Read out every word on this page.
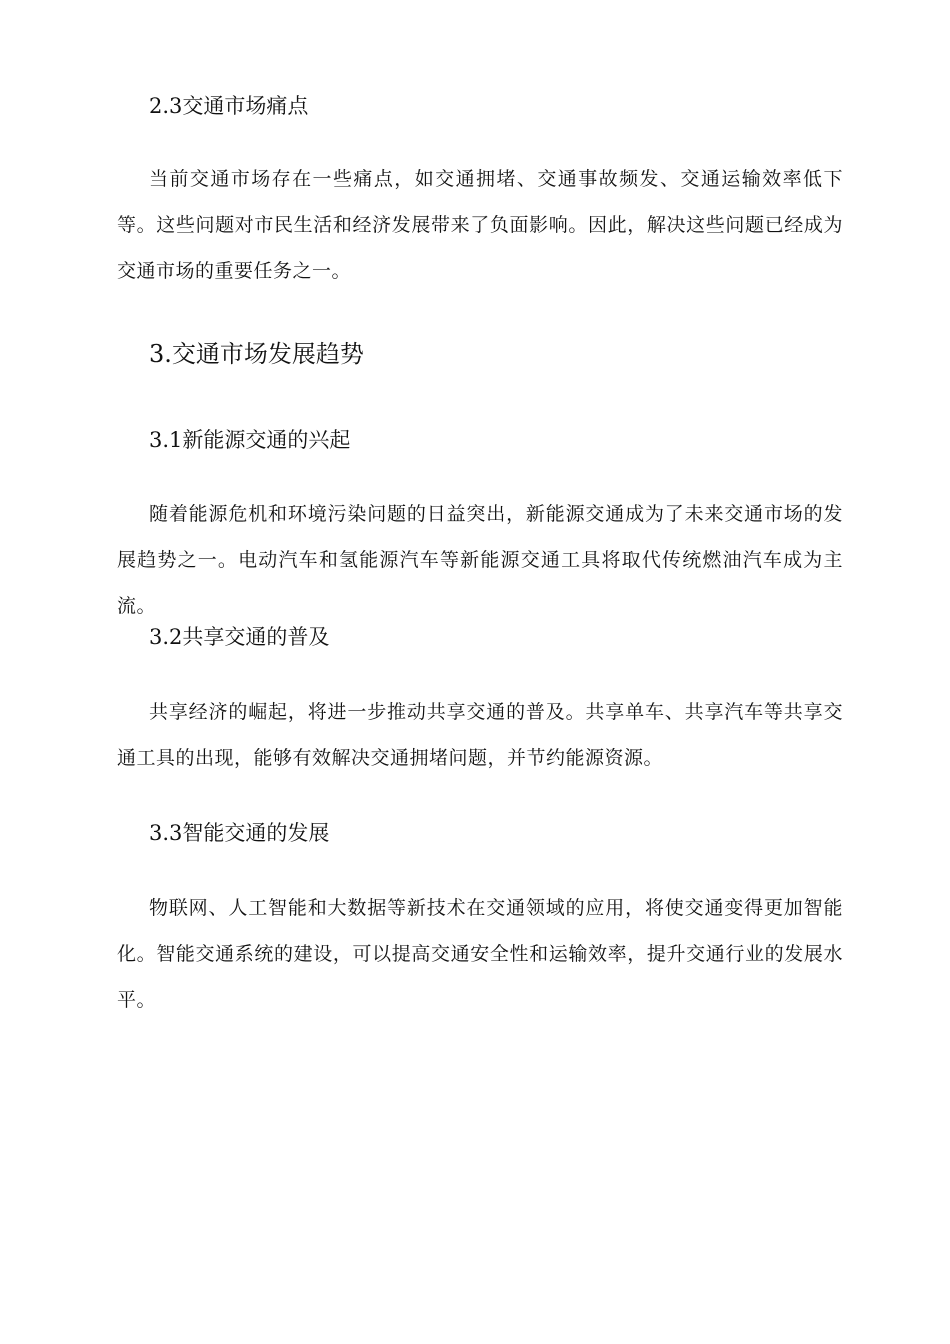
2.3交通市场痛点

当前交通市场存在一些痛点，如交通拥堵、交通事故频发、交通运输效率低下等。这些问题对市民生活和经济发展带来了负面影响。因此，解决这些问题已经成为交通市场的重要任务之一。

3.交通市场发展趋势
3.1新能源交通的兴起

随着能源危机和环境污染问题的日益突出，新能源交通成为了未来交通市场的发展趋势之一。电动汽车和氢能源汽车等新能源交通工具将取代传统燃油汽车成为主流。

3.2共享交通的普及

共享经济的崛起，将进一步推动共享交通的普及。共享单车、共享汽车等共享交通工具的出现，能够有效解决交通拥堵问题，并节约能源资源。

3.3智能交通的发展

物联网、人工智能和大数据等新技术在交通领域的应用，将使交通变得更加智能化。智能交通系统的建设，可以提高交通安全性和运输效率，提升交通行业的发展水平。
